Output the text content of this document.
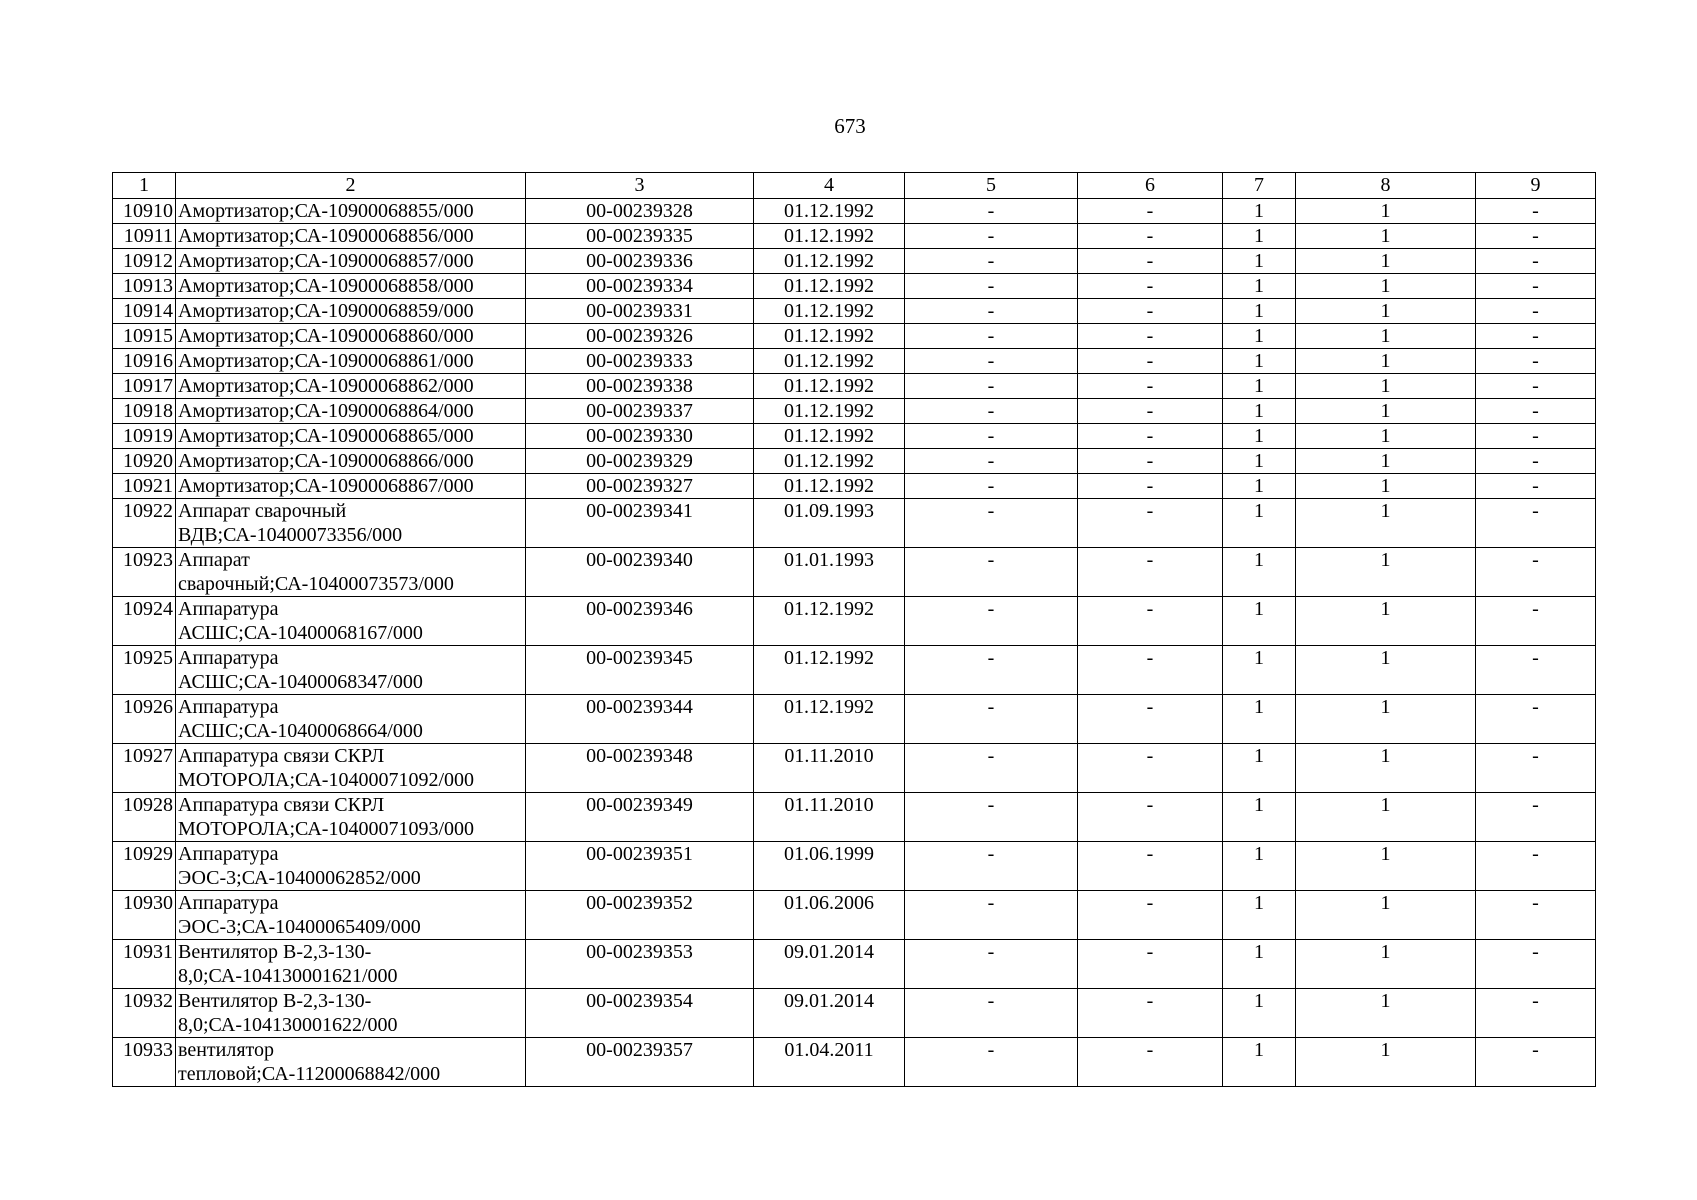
673
1	2	3	4	5	6	7	8	9
10910	Амортизатор;СА-10900068855/000	00-00239328	01.12.1992	-	-	1	1	-
10911	Амортизатор;СА-10900068856/000	00-00239335	01.12.1992	-	-	1	1	-
10912	Амортизатор;СА-10900068857/000	00-00239336	01.12.1992	-	-	1	1	-
10913	Амортизатор;СА-10900068858/000	00-00239334	01.12.1992	-	-	1	1	-
10914	Амортизатор;СА-10900068859/000	00-00239331	01.12.1992	-	-	1	1	-
10915	Амортизатор;СА-10900068860/000	00-00239326	01.12.1992	-	-	1	1	-
10916	Амортизатор;СА-10900068861/000	00-00239333	01.12.1992	-	-	1	1	-
10917	Амортизатор;СА-10900068862/000	00-00239338	01.12.1992	-	-	1	1	-
10918	Амортизатор;СА-10900068864/000	00-00239337	01.12.1992	-	-	1	1	-
10919	Амортизатор;СА-10900068865/000	00-00239330	01.12.1992	-	-	1	1	-
10920	Амортизатор;СА-10900068866/000	00-00239329	01.12.1992	-	-	1	1	-
10921	Амортизатор;СА-10900068867/000	00-00239327	01.12.1992	-	-	1	1	-
10922	Аппарат сварочный ВДВ;СА-10400073356/000	00-00239341	01.09.1993	-	-	1	1	-
10923	Аппарат сварочный;СА-10400073573/000	00-00239340	01.01.1993	-	-	1	1	-
10924	Аппаратура АСШС;СА-10400068167/000	00-00239346	01.12.1992	-	-	1	1	-
10925	Аппаратура АСШС;СА-10400068347/000	00-00239345	01.12.1992	-	-	1	1	-
10926	Аппаратура АСШС;СА-10400068664/000	00-00239344	01.12.1992	-	-	1	1	-
10927	Аппаратура связи СКРЛ МОТОРОЛА;СА-10400071092/000	00-00239348	01.11.2010	-	-	1	1	-
10928	Аппаратура связи СКРЛ МОТОРОЛА;СА-10400071093/000	00-00239349	01.11.2010	-	-	1	1	-
10929	Аппаратура ЭОС-3;СА-10400062852/000	00-00239351	01.06.1999	-	-	1	1	-
10930	Аппаратура ЭОС-3;СА-10400065409/000	00-00239352	01.06.2006	-	-	1	1	-
10931	Вентилятор В-2,3-130-8,0;СА-104130001621/000	00-00239353	09.01.2014	-	-	1	1	-
10932	Вентилятор В-2,3-130-8,0;СА-104130001622/000	00-00239354	09.01.2014	-	-	1	1	-
10933	вентилятор тепловой;СА-11200068842/000	00-00239357	01.04.2011	-	-	1	1	-
